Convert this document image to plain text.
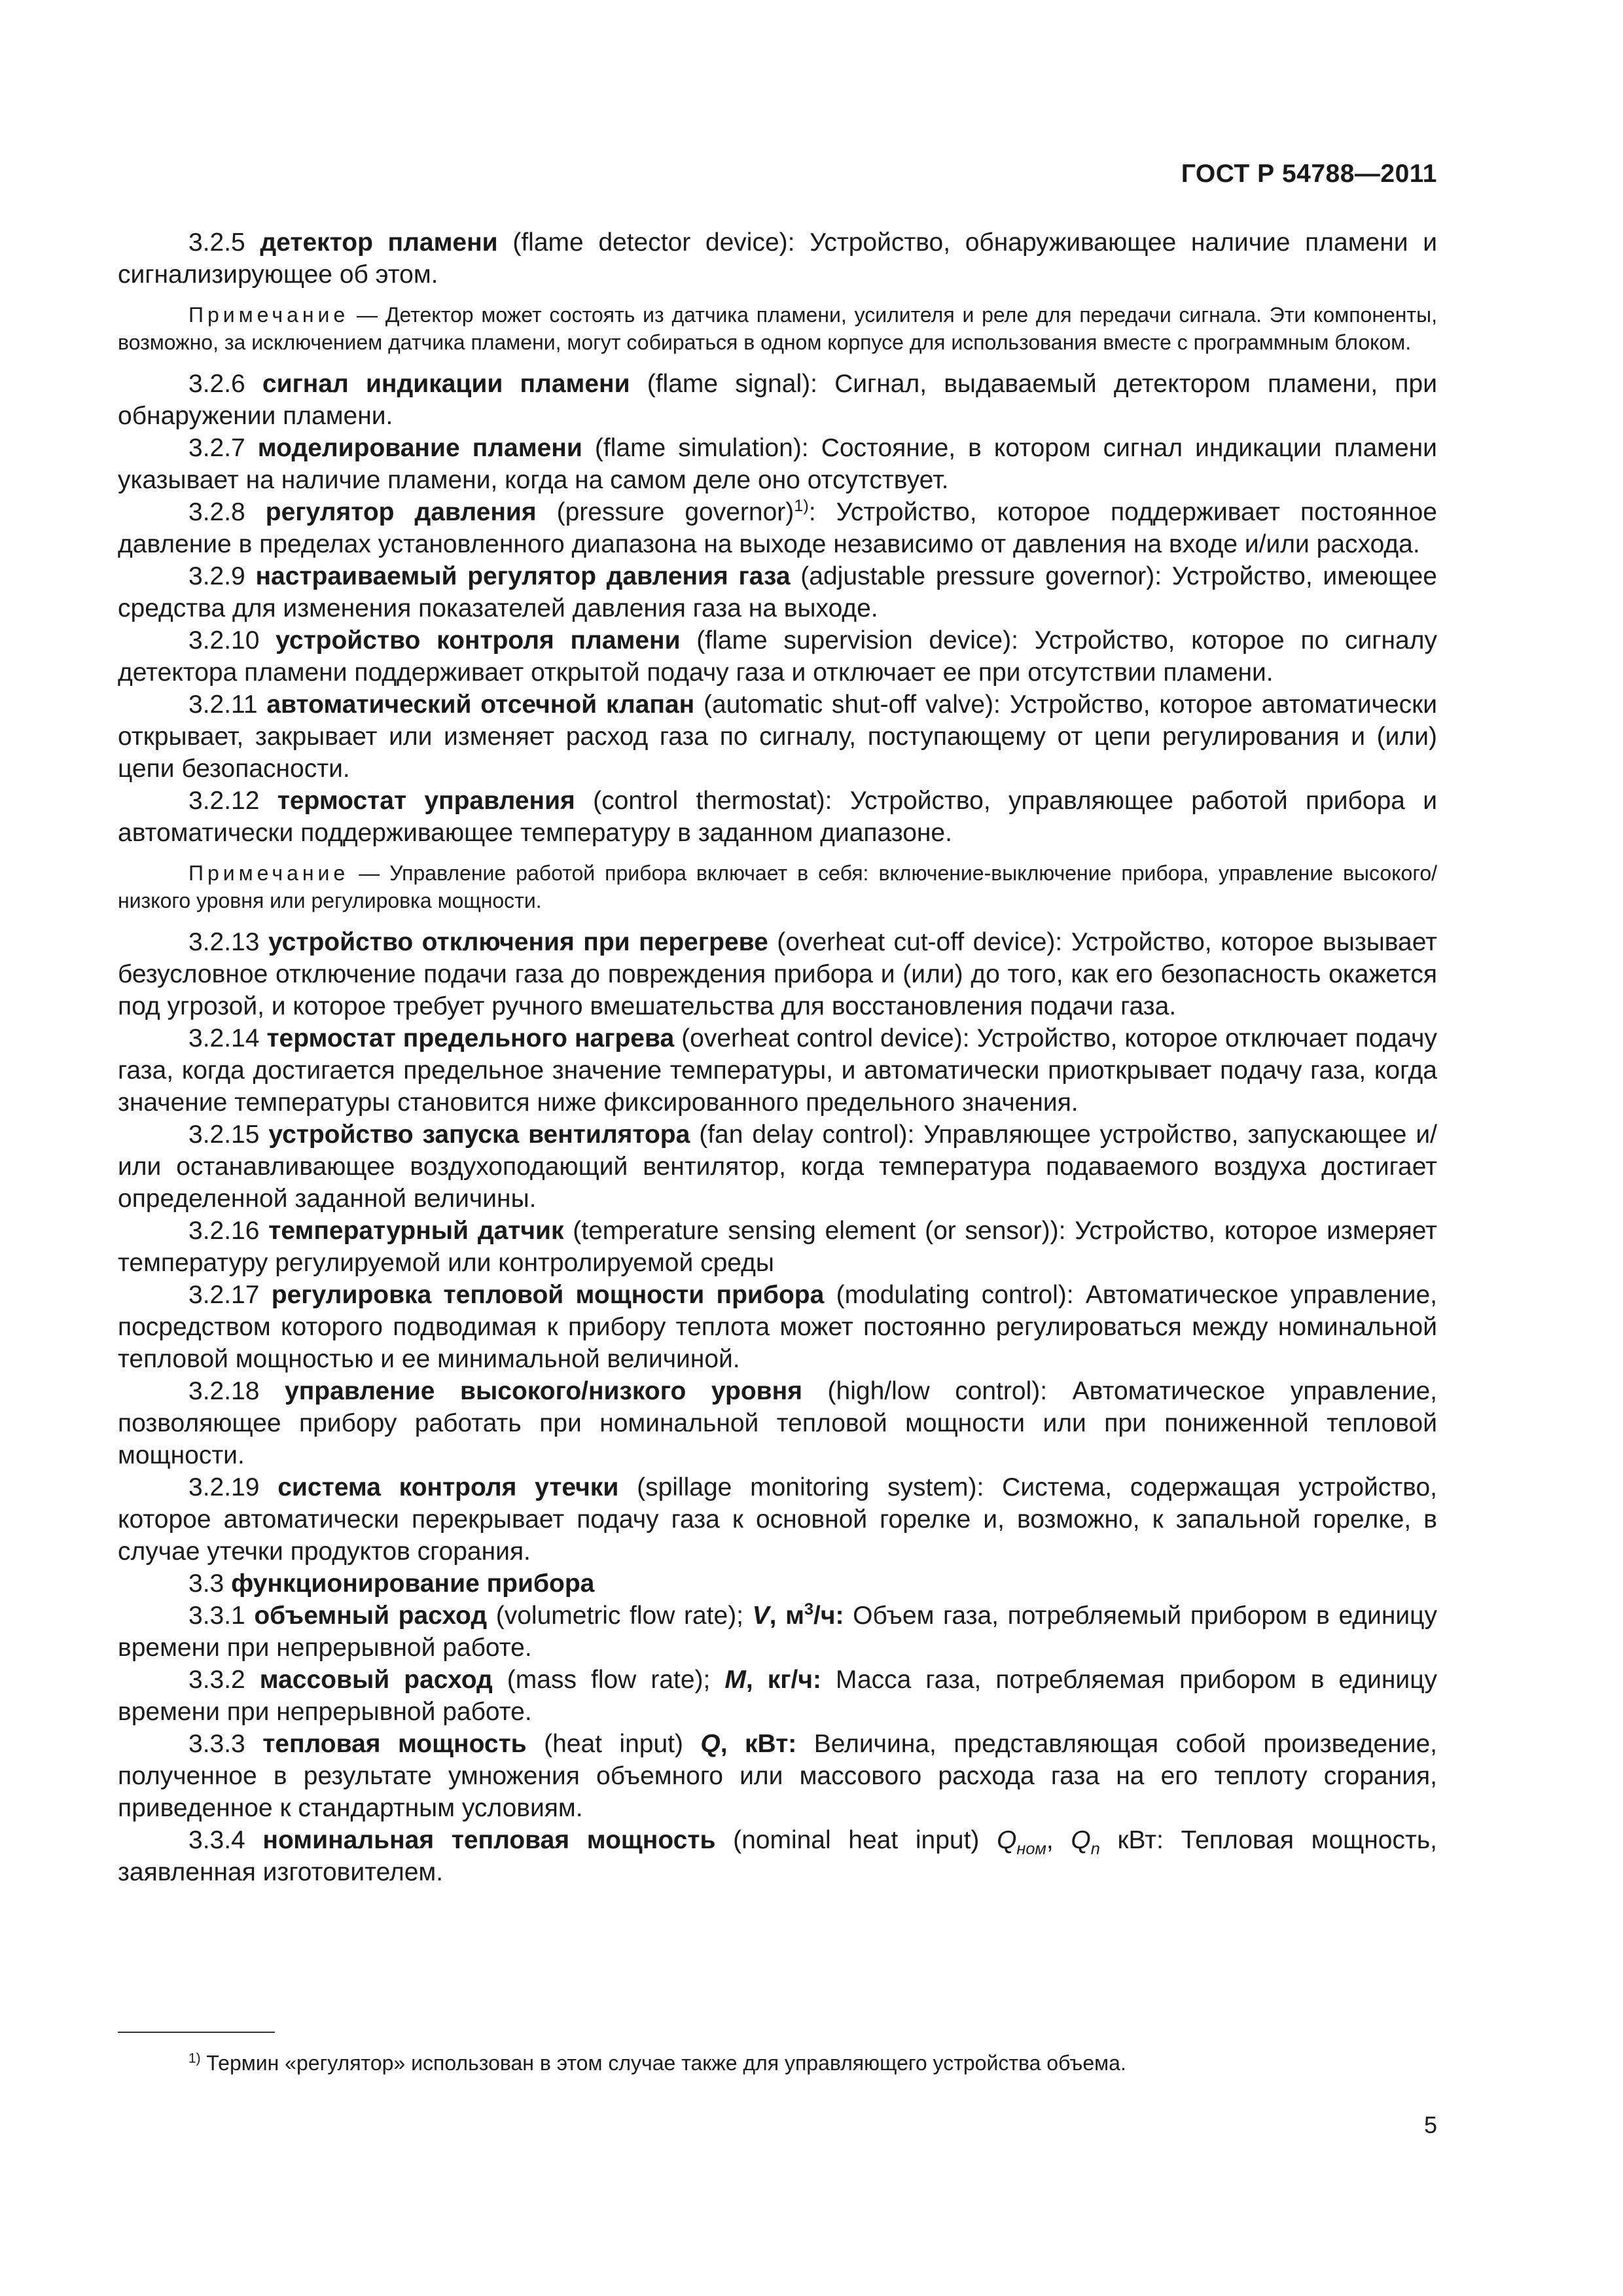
ГОСТ Р 54788—2011

3.2.5 детектор пламени (flame detector device): Устройство, обнаруживающее наличие пламени и сигнализирующее об этом.

Примечание — Детектор может состоять из датчика пламени, усилителя и реле для передачи сигнала. Эти компоненты, возможно, за исключением датчика пламени, могут собираться в одном корпусе для использования вместе с программным блоком.

3.2.6 сигнал индикации пламени (flame signal): Сигнал, выдаваемый детектором пламени, при обнаружении пламени.

3.2.7 моделирование пламени (flame simulation): Состояние, в котором сигнал индикации пламени указывает на наличие пламени, когда на самом деле оно отсутствует.

3.2.8 регулятор давления (pressure governor)$^{1)}$: Устройство, которое поддерживает постоянное давление в пределах установленного диапазона на выходе независимо от давления на входе и/или расхода.

3.2.9 настраиваемый регулятор давления газа (adjustable pressure governor): Устройство, имеющее средства для изменения показателей давления газа на выходе.

3.2.10 устройство контроля пламени (flame supervision device): Устройство, которое по сигналу детектора пламени поддерживает открытой подачу газа и отключает ее при отсутствии пламени.

3.2.11 автоматический отсечной клапан (automatic shut-off valve): Устройство, которое автоматически открывает, закрывает или изменяет расход газа по сигналу, поступающему от цепи регулирования и (или) цепи безопасности.

3.2.12 термостат управления (control thermostat): Устройство, управляющее работой прибора и автоматически поддерживающее температуру в заданном диапазоне.

Примечание — Управление работой прибора включает в себя: включение-выключение прибора, управление высокого/низкого уровня или регулировка мощности.

3.2.13 устройство отключения при перегреве (overheat cut-off device): Устройство, которое вызывает безусловное отключение подачи газа до повреждения прибора и (или) до того, как его безопасность окажется под угрозой, и которое требует ручного вмешательства для восстановления подачи газа.

3.2.14 термостат предельного нагрева (overheat control device): Устройство, которое отключает подачу газа, когда достигается предельное значение температуры, и автоматически приоткрывает подачу газа, когда значение температуры становится ниже фиксированного предельного значения.

3.2.15 устройство запуска вентилятора (fan delay control): Управляющее устройство, запускающее и/или останавливающее воздухоподающий вентилятор, когда температура подаваемого воздуха достигает определенной заданной величины.

3.2.16 температурный датчик (temperature sensing element (or sensor)): Устройство, которое измеряет температуру регулируемой или контролируемой среды

3.2.17 регулировка тепловой мощности прибора (modulating control): Автоматическое управление, посредством которого подводимая к прибору теплота может постоянно регулироваться между номинальной тепловой мощностью и ее минимальной величиной.

3.2.18 управление высокого/низкого уровня (high/low control): Автоматическое управление, позволяющее прибору работать при номинальной тепловой мощности или при пониженной тепловой мощности.

3.2.19 система контроля утечки (spillage monitoring system): Система, содержащая устройство, которое автоматически перекрывает подачу газа к основной горелке и, возможно, к запальной горелке, в случае утечки продуктов сгорания.

3.3 функционирование прибора

3.3.1 объемный расход (volumetric flow rate); V, $м^3/ч$: Объем газа, потребляемый прибором в единицу времени при непрерывной работе.

3.3.2 массовый расход (mass flow rate); M, кг/ч: Масса газа, потребляемая прибором в единицу времени при непрерывной работе.

3.3.3 тепловая мощность (heat input) Q, кВт: Величина, представляющая собой произведение, полученное в результате умножения объемного или массового расхода газа на его теплоту сгорания, приведенное к стандартным условиям.

3.3.4 номинальная тепловая мощность (nominal heat input) $Q_{ном}$, $Q_n$ кВт: Тепловая мощность, заявленная изготовителем.

$^{1)}$ Термин «регулятор» использован в этом случае также для управляющего устройства объема.
5
